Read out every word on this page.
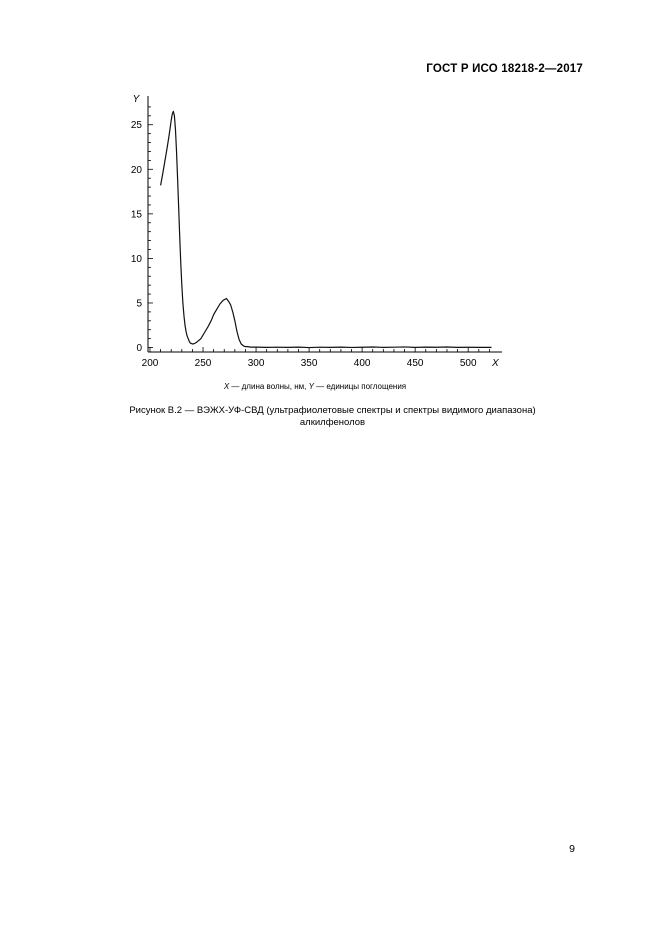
ГОСТ Р ИСО 18218-2—2017
0
5
10
15
20
25
200	250	300	350	400	450	500
Y
X
X — длина волны, нм, Y — единицы поглощения
Рисунок В.2 — ВЭЖХ-УФ-СВД (ультрафиолетовые спектры и спектры видимого диапазона)
алкилфенолов
9
